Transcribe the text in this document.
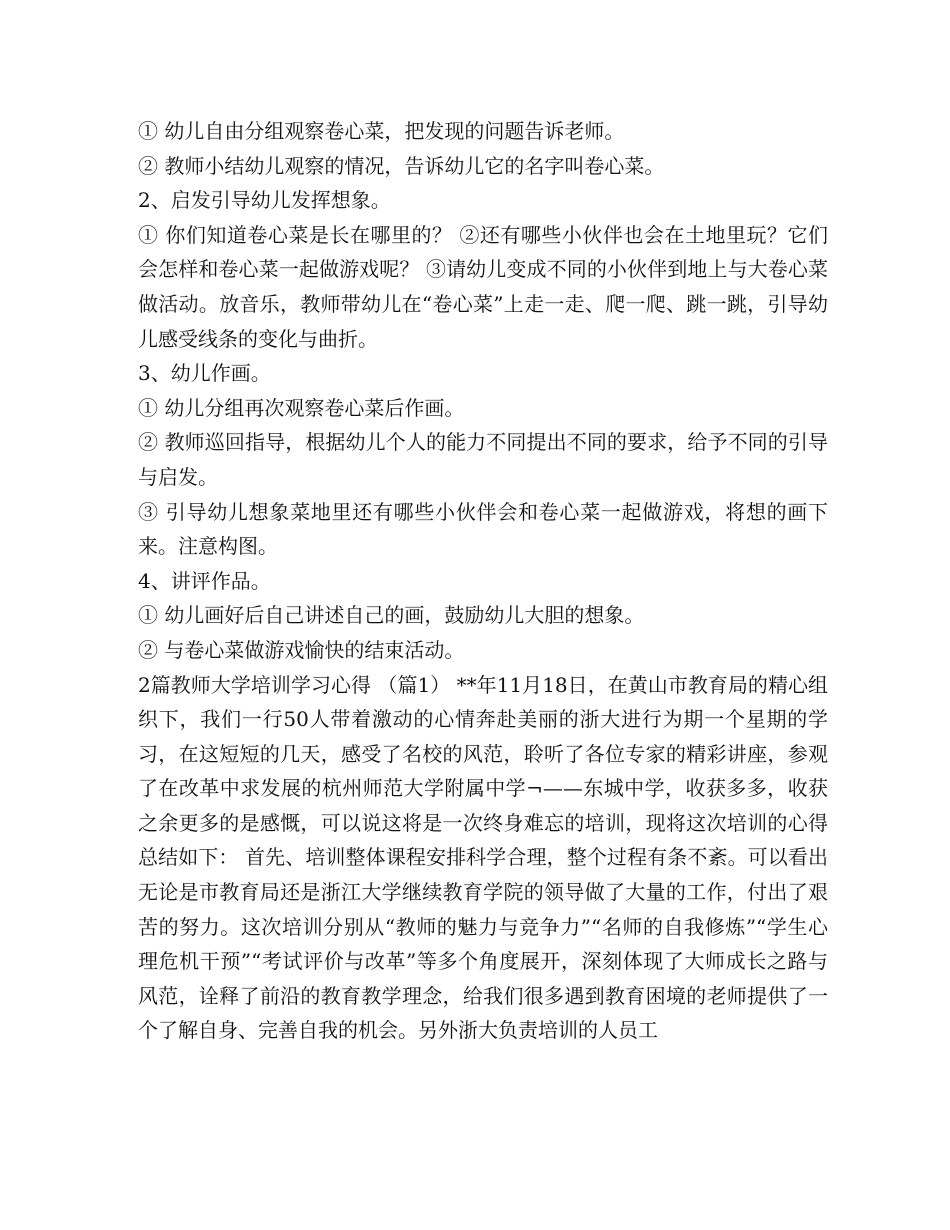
① 幼儿自由分组观察卷心菜，把发现的问题告诉老师。

② 教师小结幼儿观察的情况，告诉幼儿它的名字叫卷心菜。

2、启发引导幼儿发挥想象。

① 你们知道卷心菜是长在哪里的？ ②还有哪些小伙伴也会在土地里玩？它们会怎样和卷心菜一起做游戏呢？ ③请幼儿变成不同的小伙伴到地上与大卷心菜做活动。放音乐，教师带幼儿在“卷心菜”上走一走、爬一爬、跳一跳，引导幼儿感受线条的变化与曲折。

3、幼儿作画。

① 幼儿分组再次观察卷心菜后作画。

② 教师巡回指导，根据幼儿个人的能力不同提出不同的要求，给予不同的引导与启发。

③ 引导幼儿想象菜地里还有哪些小伙伴会和卷心菜一起做游戏，将想的画下来。注意构图。

4、讲评作品。

① 幼儿画好后自己讲述自己的画，鼓励幼儿大胆的想象。

② 与卷心菜做游戏愉快的结束活动。

2篇教师大学培训学习心得 （篇1） **年11月18日，在黄山市教育局的精心组织下，我们一行50人带着激动的心情奔赴美丽的浙大进行为期一个星期的学习，在这短短的几天，感受了名校的风范，聆听了各位专家的精彩讲座，参观了在改革中求发展的杭州师范大学附属中学¬——东城中学，收获多多，收获之余更多的是感慨，可以说这将是一次终身难忘的培训，现将这次培训的心得总结如下： 首先、培训整体课程安排科学合理，整个过程有条不紊。可以看出无论是市教育局还是浙江大学继续教育学院的领导做了大量的工作，付出了艰苦的努力。这次培训分别从“教师的魅力与竞争力”“名师的自我修炼”“学生心理危机干预”“考试评价与改革”等多个角度展开，深刻体现了大师成长之路与风范，诠释了前沿的教育教学理念，给我们很多遇到教育困境的老师提供了一个了解自身、完善自我的机会。另外浙大负责培训的人员工
